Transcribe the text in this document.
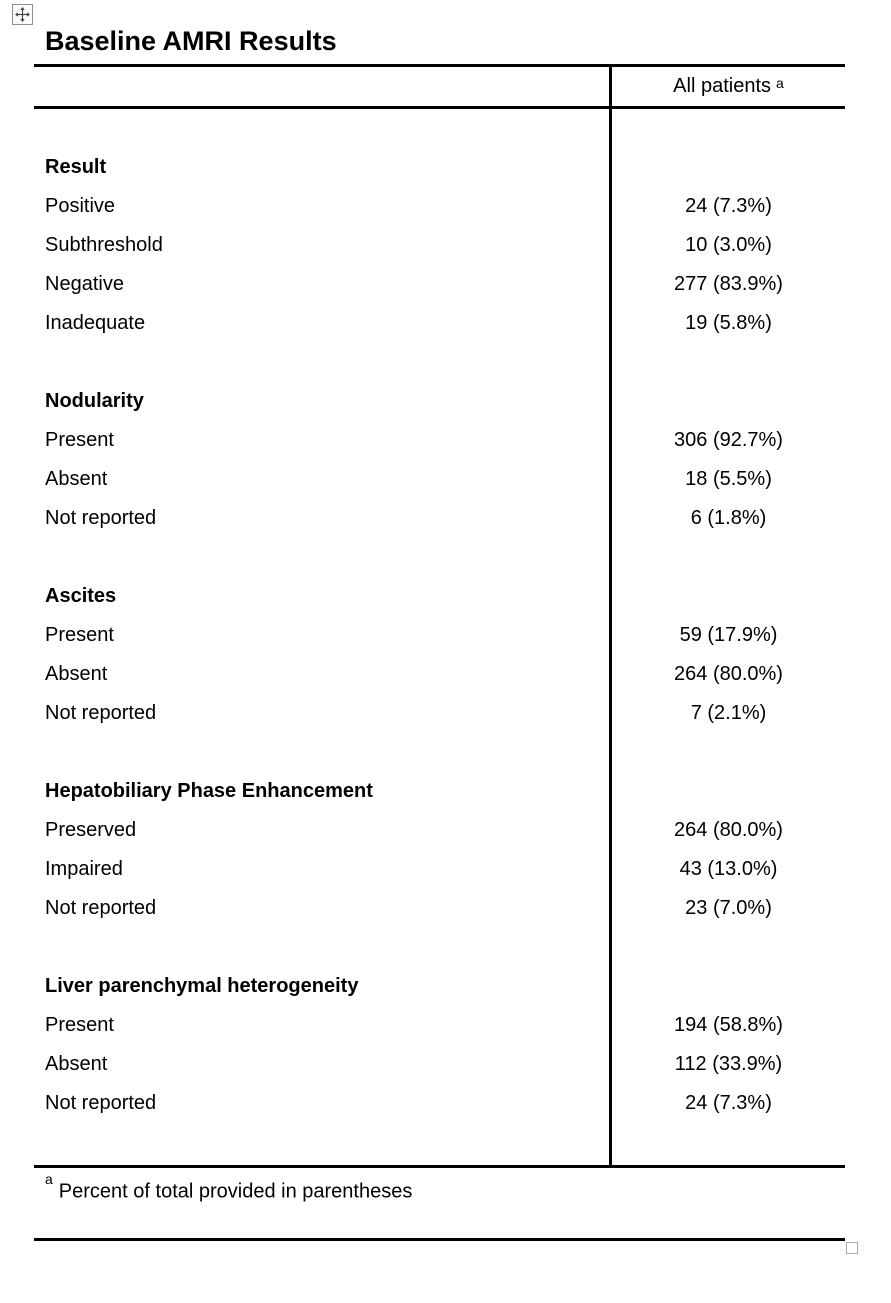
Baseline AMRI Results
All patients $^a$
Result
Positive	24 (7.3%)
Subthreshold	10 (3.0%)
Negative	277 (83.9%)
Inadequate	19 (5.8%)
Nodularity
Present	306 (92.7%)
Absent	18 (5.5%)
Not reported	6 (1.8%)
Ascites
Present	59 (17.9%)
Absent	264 (80.0%)
Not reported	7 (2.1%)
Hepatobiliary Phase Enhancement
Preserved	264 (80.0%)
Impaired	43 (13.0%)
Not reported	23 (7.0%)
Liver parenchymal heterogeneity
Present	194 (58.8%)
Absent	112 (33.9%)
Not reported	24 (7.3%)
$^a$Percent of total provided in parentheses
